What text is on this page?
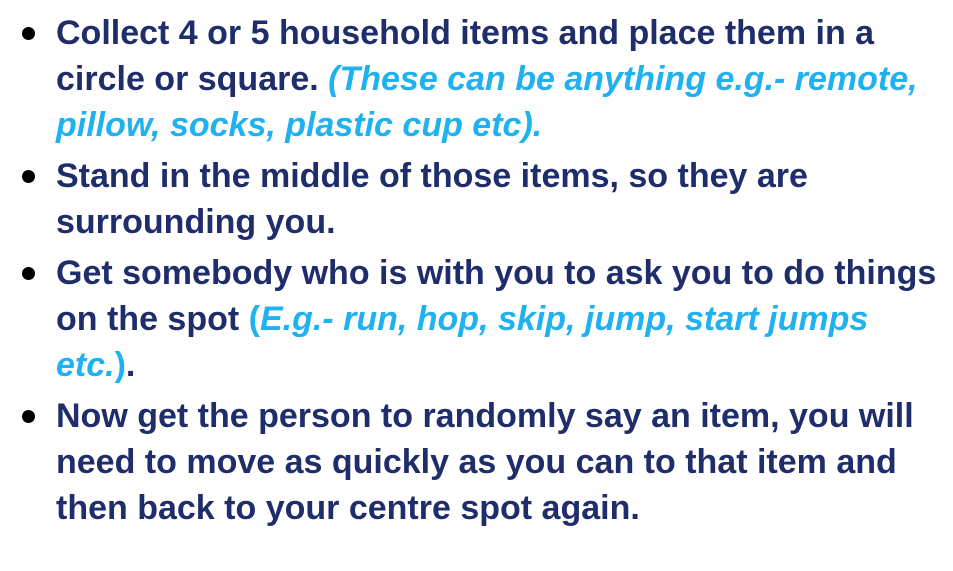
Collect 4 or 5 household items and place them in a circle or square. (These can be anything e.g.- remote, pillow, socks, plastic cup etc).
Stand in the middle of those items, so they are surrounding you.
Get somebody who is with you to ask you to do things on the spot (E.g.- run, hop, skip, jump, start jumps etc.).
Now get the person to randomly say an item, you will need to move as quickly as you can to that item and then back to your centre spot again.
